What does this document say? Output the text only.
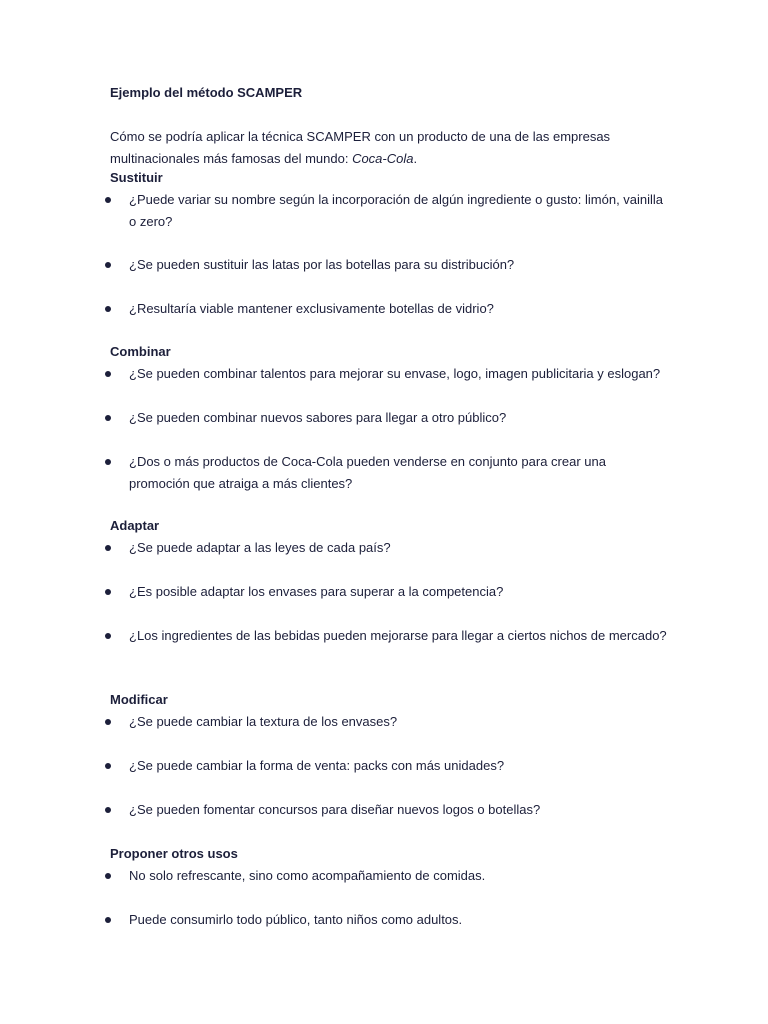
Ejemplo del método SCAMPER
Cómo se podría aplicar la técnica SCAMPER con un producto de una de las empresas multinacionales más famosas del mundo: Coca-Cola.
Sustituir
¿Puede variar su nombre según la incorporación de algún ingrediente o gusto: limón, vainilla o zero?
¿Se pueden sustituir las latas por las botellas para su distribución?
¿Resultaría viable mantener exclusivamente botellas de vidrio?
Combinar
¿Se pueden combinar talentos para mejorar su envase, logo, imagen publicitaria y eslogan?
¿Se pueden combinar nuevos sabores para llegar a otro público?
¿Dos o más productos de Coca-Cola pueden venderse en conjunto para crear una promoción que atraiga a más clientes?
Adaptar
¿Se puede adaptar a las leyes de cada país?
¿Es posible adaptar los envases para superar a la competencia?
¿Los ingredientes de las bebidas pueden mejorarse para llegar a ciertos nichos de mercado?
Modificar
¿Se puede cambiar la textura de los envases?
¿Se puede cambiar la forma de venta: packs con más unidades?
¿Se pueden fomentar concursos para diseñar nuevos logos o botellas?
Proponer otros usos
No solo refrescante, sino como acompañamiento de comidas.
Puede consumirlo todo público, tanto niños como adultos.
